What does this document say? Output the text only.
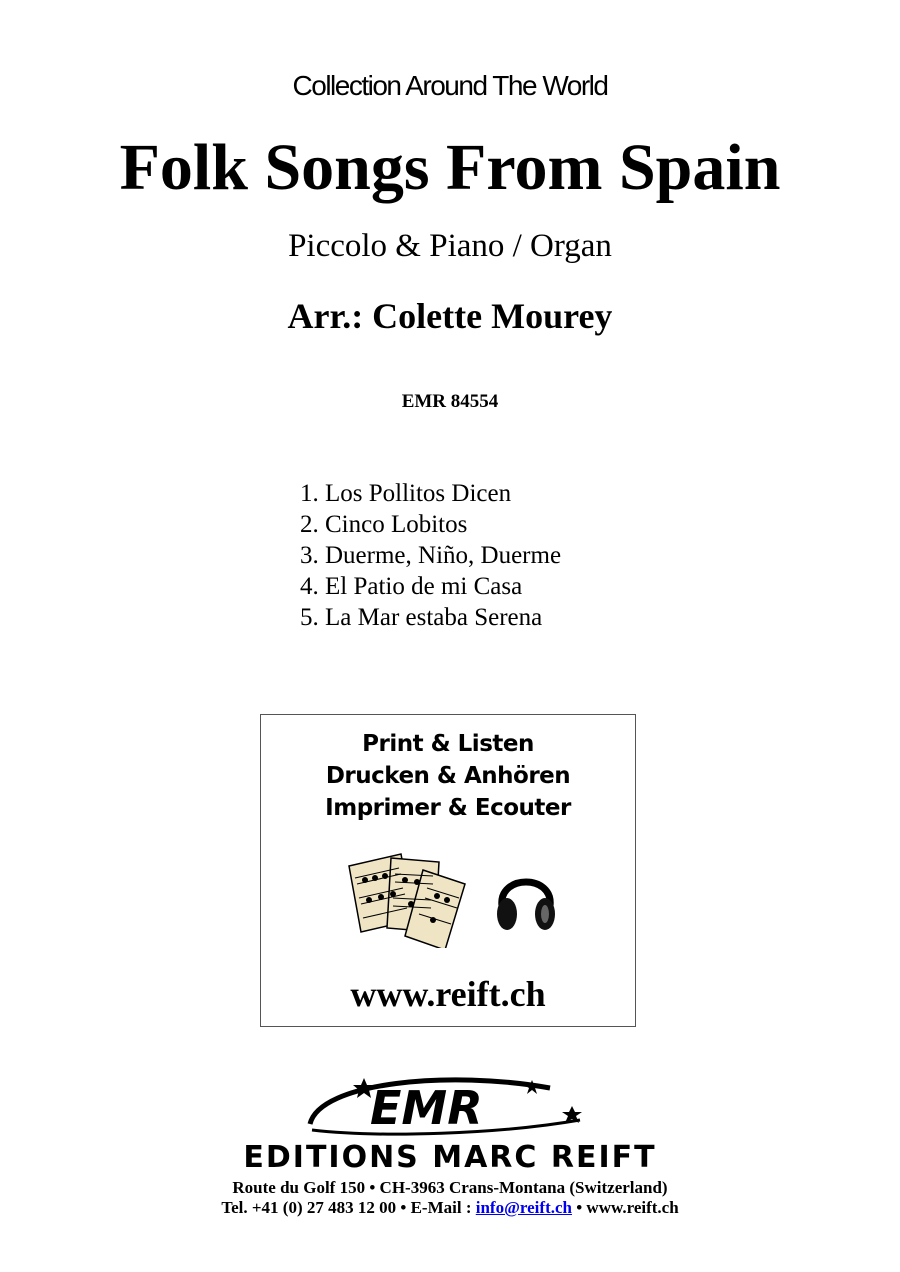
Collection Around The World
Folk Songs From Spain
Piccolo & Piano / Organ
Arr.: Colette Mourey
EMR 84554
1. Los Pollitos Dicen
2. Cinco Lobitos
3. Duerme, Niño, Duerme
4. El Patio de mi Casa
5. La Mar estaba Serena
Print & Listen
Drucken & Anhören
Imprimer & Ecouter
www.reift.ch
EMR
EDITIONS MARC REIFT
Route du Golf 150 • CH-3963 Crans-Montana (Switzerland)
Tel. +41 (0) 27 483 12 00 • E-Mail : info@reift.ch • www.reift.ch
